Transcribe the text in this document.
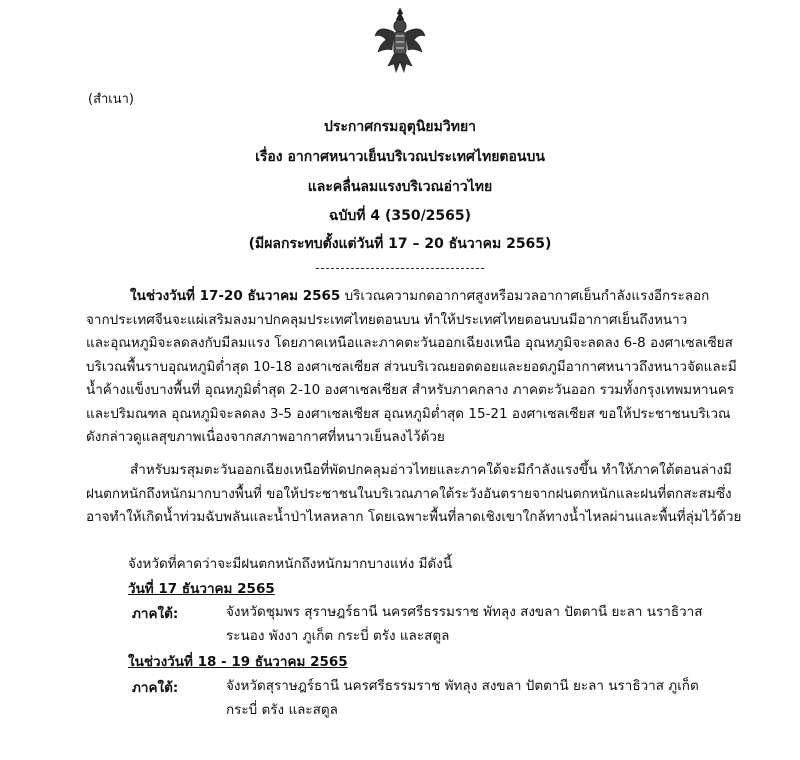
(สำเนา)
ประกาศกรมอุตุนิยมวิทยา
เรื่อง อากาศหนาวเย็นบริเวณประเทศไทยตอนบน
และคลื่นลมแรงบริเวณอ่าวไทย
ฉบับที่ 4 (350/2565)
(มีผลกระทบตั้งแต่วันที่ 17 – 20 ธันวาคม 2565)
ในช่วงวันที่ 17-20 ธันวาคม 2565 บริเวณความกดอากาศสูงหรือมวลอากาศเย็นกำลังแรงอีกระลอก
จากประเทศจีนจะแผ่เสริมลงมาปกคลุมประเทศไทยตอนบน ทำให้ประเทศไทยตอนบนมีอากาศเย็นถึงหนาว
และอุณหภูมิจะลดลงกับมีลมแรง โดยภาคเหนือและภาคตะวันออกเฉียงเหนือ อุณหภูมิจะลดลง 6-8 องศาเซลเซียส
บริเวณพื้นราบอุณหภูมิต่ำสุด 10-18 องศาเซลเซียส ส่วนบริเวณยอดดอยและยอดภูมีอากาศหนาวถึงหนาวจัดและมี
น้ำค้างแข็งบางพื้นที่ อุณหภูมิต่ำสุด 2-10 องศาเซลเซียส สำหรับภาคกลาง ภาคตะวันออก รวมทั้งกรุงเทพมหานคร
และปริมณฑล อุณหภูมิจะลดลง 3-5 องศาเซลเซียส อุณหภูมิต่ำสุด 15-21 องศาเซลเซียส ขอให้ประชาชนบริเวณ
ดังกล่าวดูแลสุขภาพเนื่องจากสภาพอากาศที่หนาวเย็นลงไว้ด้วย
สำหรับมรสุมตะวันออกเฉียงเหนือที่พัดปกคลุมอ่าวไทยและภาคใต้จะมีกำลังแรงขึ้น ทำให้ภาคใต้ตอนล่างมี
ฝนตกหนักถึงหนักมากบางพื้นที่ ขอให้ประชาชนในบริเวณภาคใต้ระวังอันตรายจากฝนตกหนักและฝนที่ตกสะสมซึ่ง
อาจทำให้เกิดน้ำท่วมฉับพลันและน้ำป่าไหลหลาก โดยเฉพาะพื้นที่ลาดเชิงเขาใกล้ทางน้ำไหลผ่านและพื้นที่ลุ่มไว้ด้วย
จังหวัดที่คาดว่าจะมีฝนตกหนักถึงหนักมากบางแห่ง มีดังนี้
วันที่ 17 ธันวาคม 2565
ภาคใต้:	จังหวัดชุมพร สุราษฎร์ธานี นครศรีธรรมราช พัทลุง สงขลา ปัตตานี ยะลา นราธิวาส
ระนอง พังงา ภูเก็ต กระบี่ ตรัง และสตูล
ในช่วงวันที่ 18 - 19 ธันวาคม 2565
ภาคใต้:	จังหวัดสุราษฎร์ธานี นครศรีธรรมราช พัทลุง สงขลา ปัตตานี ยะลา นราธิวาส ภูเก็ต
กระบี่ ตรัง และสตูล
